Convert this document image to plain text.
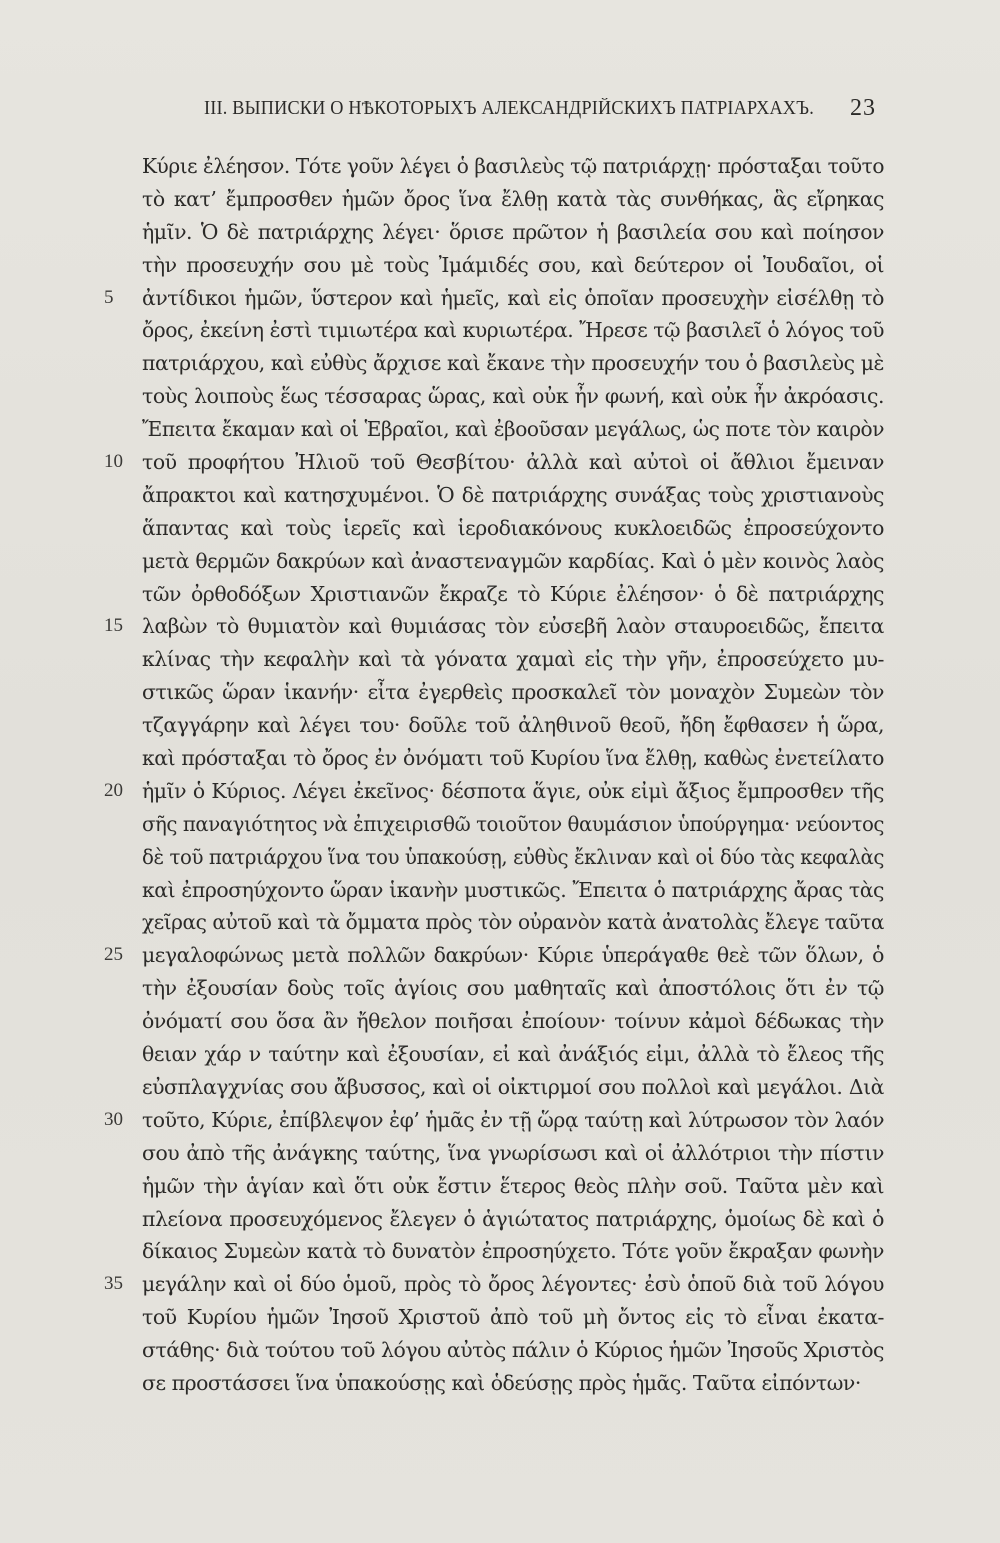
III. ВЫПИСКИ О НѢКОТОРЫХЪ АЛЕКСАНДРІЙСКИХЪ ПАТРІАРХАХЪ. 23
Κύριε ἐλέησον. Τότε γοῦν λέγει ὁ βασιλεὺς τῷ πατριάρχῃ· πρόσταξαι τοῦτο
τὸ κατ’ ἔμπροσθεν ἡμῶν ὄρος ἵνα ἔλθῃ κατὰ τὰς συνθήκας, ἃς εἴρηκας
ἡμῖν. Ὁ δὲ πατριάρχης λέγει· ὅρισε πρῶτον ἡ βασιλεία σου καὶ ποίησον
τὴν προσευχήν σου μὲ τοὺς Ἰμάμιδές σου, καὶ δεύτερον οἱ Ἰουδαῖοι, οἱ
5	ἀντίδικοι ἡμῶν, ὕστερον καὶ ἡμεῖς, καὶ εἰς ὁποῖαν προσευχὴν εἰσέλθῃ τὸ
ὄρος, ἐκείνη ἐστὶ τιμιωτέρα καὶ κυριωτέρα. Ἤρεσε τῷ βασιλεῖ ὁ λόγος τοῦ
πατριάρχου, καὶ εὐθὺς ἄρχισε καὶ ἔκανε τὴν προσευχήν του ὁ βασιλεὺς μὲ
τοὺς λοιποὺς ἕως τέσσαρας ὥρας, καὶ οὐκ ἦν φωνή, καὶ οὐκ ἦν ἀκρόασις.
Ἔπειτα ἔκαμαν καὶ οἱ Ἑβραῖοι, καὶ ἐβοοῦσαν μεγάλως, ὡς ποτε τὸν καιρὸν
10 τοῦ προφήτου Ἠλιοῦ τοῦ Θεσβίτου· ἀλλὰ καὶ αὐτοὶ οἱ ἄθλιοι ἔμειναν
ἄπρακτοι καὶ κατησχυμένοι. Ὁ δὲ πατριάρχης συνάξας τοὺς χριστιανοὺς
ἅπαντας καὶ τοὺς ἱερεῖς καὶ ἱεροδιακόνους κυκλοειδῶς ἐπροσεύχοντο
μετὰ θερμῶν δακρύων καὶ ἀναστεναγμῶν καρδίας. Καὶ ὁ μὲν κοινὸς λαὸς
τῶν ὀρθοδόξων Χριστιανῶν ἔκραζε τὸ Κύριε ἐλέησον· ὁ δὲ πατριάρχης
15 λαβὼν τὸ θυμιατὸν καὶ θυμιάσας τὸν εὐσεβῆ λαὸν σταυροειδῶς, ἔπειτα
κλίνας τὴν κεφαλὴν καὶ τὰ γόνατα χαμαὶ εἰς τὴν γῆν, ἐπροσεύχετο μυ-
στικῶς ὥραν ἱκανήν· εἶτα ἐγερθεὶς προσκαλεῖ τὸν μοναχὸν Συμεὼν τὸν
τζαγγάρην καὶ λέγει του· δοῦλε τοῦ ἀληθινοῦ θεοῦ, ἤδη ἔφθασεν ἡ ὥρα,
καὶ πρόσταξαι τὸ ὄρος ἐν ὀνόματι τοῦ Κυρίου ἵνα ἔλθῃ, καθὼς ἐνετείλατο
20 ἡμῖν ὁ Κύριος. Λέγει ἐκεῖνος· δέσποτα ἅγιε, οὐκ εἰμὶ ἄξιος ἔμπροσθεν τῆς
σῆς παναγιότητος νὰ ἐπιχειρισθῶ τοιοῦτον θαυμάσιον ὑπούργημα· νεύοντος
δὲ τοῦ πατριάρχου ἵνα του ὑπακούσῃ, εὐθὺς ἔκλιναν καὶ οἱ δύο τὰς κεφαλὰς
καὶ ἐπροσηύχοντο ὥραν ἱκανὴν μυστικῶς. Ἔπειτα ὁ πατριάρχης ἄρας τὰς
χεῖρας αὐτοῦ καὶ τὰ ὄμματα πρὸς τὸν οὐρανὸν κατὰ ἀνατολὰς ἔλεγε ταῦτα
25 μεγαλοφώνως μετὰ πολλῶν δακρύων· Κύριε ὑπεράγαθε θεὲ τῶν ὅλων, ὁ
τὴν ἐξουσίαν δοὺς τοῖς ἁγίοις σου μαθηταῖς καὶ ἀποστόλοις ὅτι ἐν τῷ
ὀνόματί σου ὅσα ἂν ἤθελον ποιῆσαι ἐποίουν· τοίνυν κἀμοὶ δέδωκας τὴν
θειαν χάρ ν ταύτην καὶ ἐξουσίαν, εἰ καὶ ἀνάξιός εἰμι, ἀλλὰ τὸ ἔλεος τῆς
εὐσπλαγχνίας σου ἄβυσσος, καὶ οἱ οἰκτιρμοί σου πολλοὶ καὶ μεγάλοι. Διὰ
30 τοῦτο, Κύριε, ἐπίβλεψον ἐφ’ ἡμᾶς ἐν τῇ ὥρᾳ ταύτῃ καὶ λύτρωσον τὸν λαόν
σου ἀπὸ τῆς ἀνάγκης ταύτης, ἵνα γνωρίσωσι καὶ οἱ ἀλλότριοι τὴν πίστιν
ἡμῶν τὴν ἁγίαν καὶ ὅτι οὐκ ἔστιν ἕτερος θεὸς πλὴν σοῦ. Ταῦτα μὲν καὶ
πλείονα προσευχόμενος ἔλεγεν ὁ ἁγιώτατος πατριάρχης, ὁμοίως δὲ καὶ ὁ
δίκαιος Συμεὼν κατὰ τὸ δυνατὸν ἐπροσηύχετο. Τότε γοῦν ἔκραξαν φωνὴν
35 μεγάλην καὶ οἱ δύο ὁμοῦ, πρὸς τὸ ὄρος λέγοντες· ἐσὺ ὁποῦ διὰ τοῦ λόγου
τοῦ Κυρίου ἡμῶν Ἰησοῦ Χριστοῦ ἀπὸ τοῦ μὴ ὄντος εἰς τὸ εἶναι ἐκατα-
στάθης· διὰ τούτου τοῦ λόγου αὐτὸς πάλιν ὁ Κύριος ἡμῶν Ἰησοῦς Χριστὸς
σε προστάσσει ἵνα ὑπακούσῃς καὶ ὁδεύσῃς πρὸς ἡμᾶς. Ταῦτα εἰπόντων·
